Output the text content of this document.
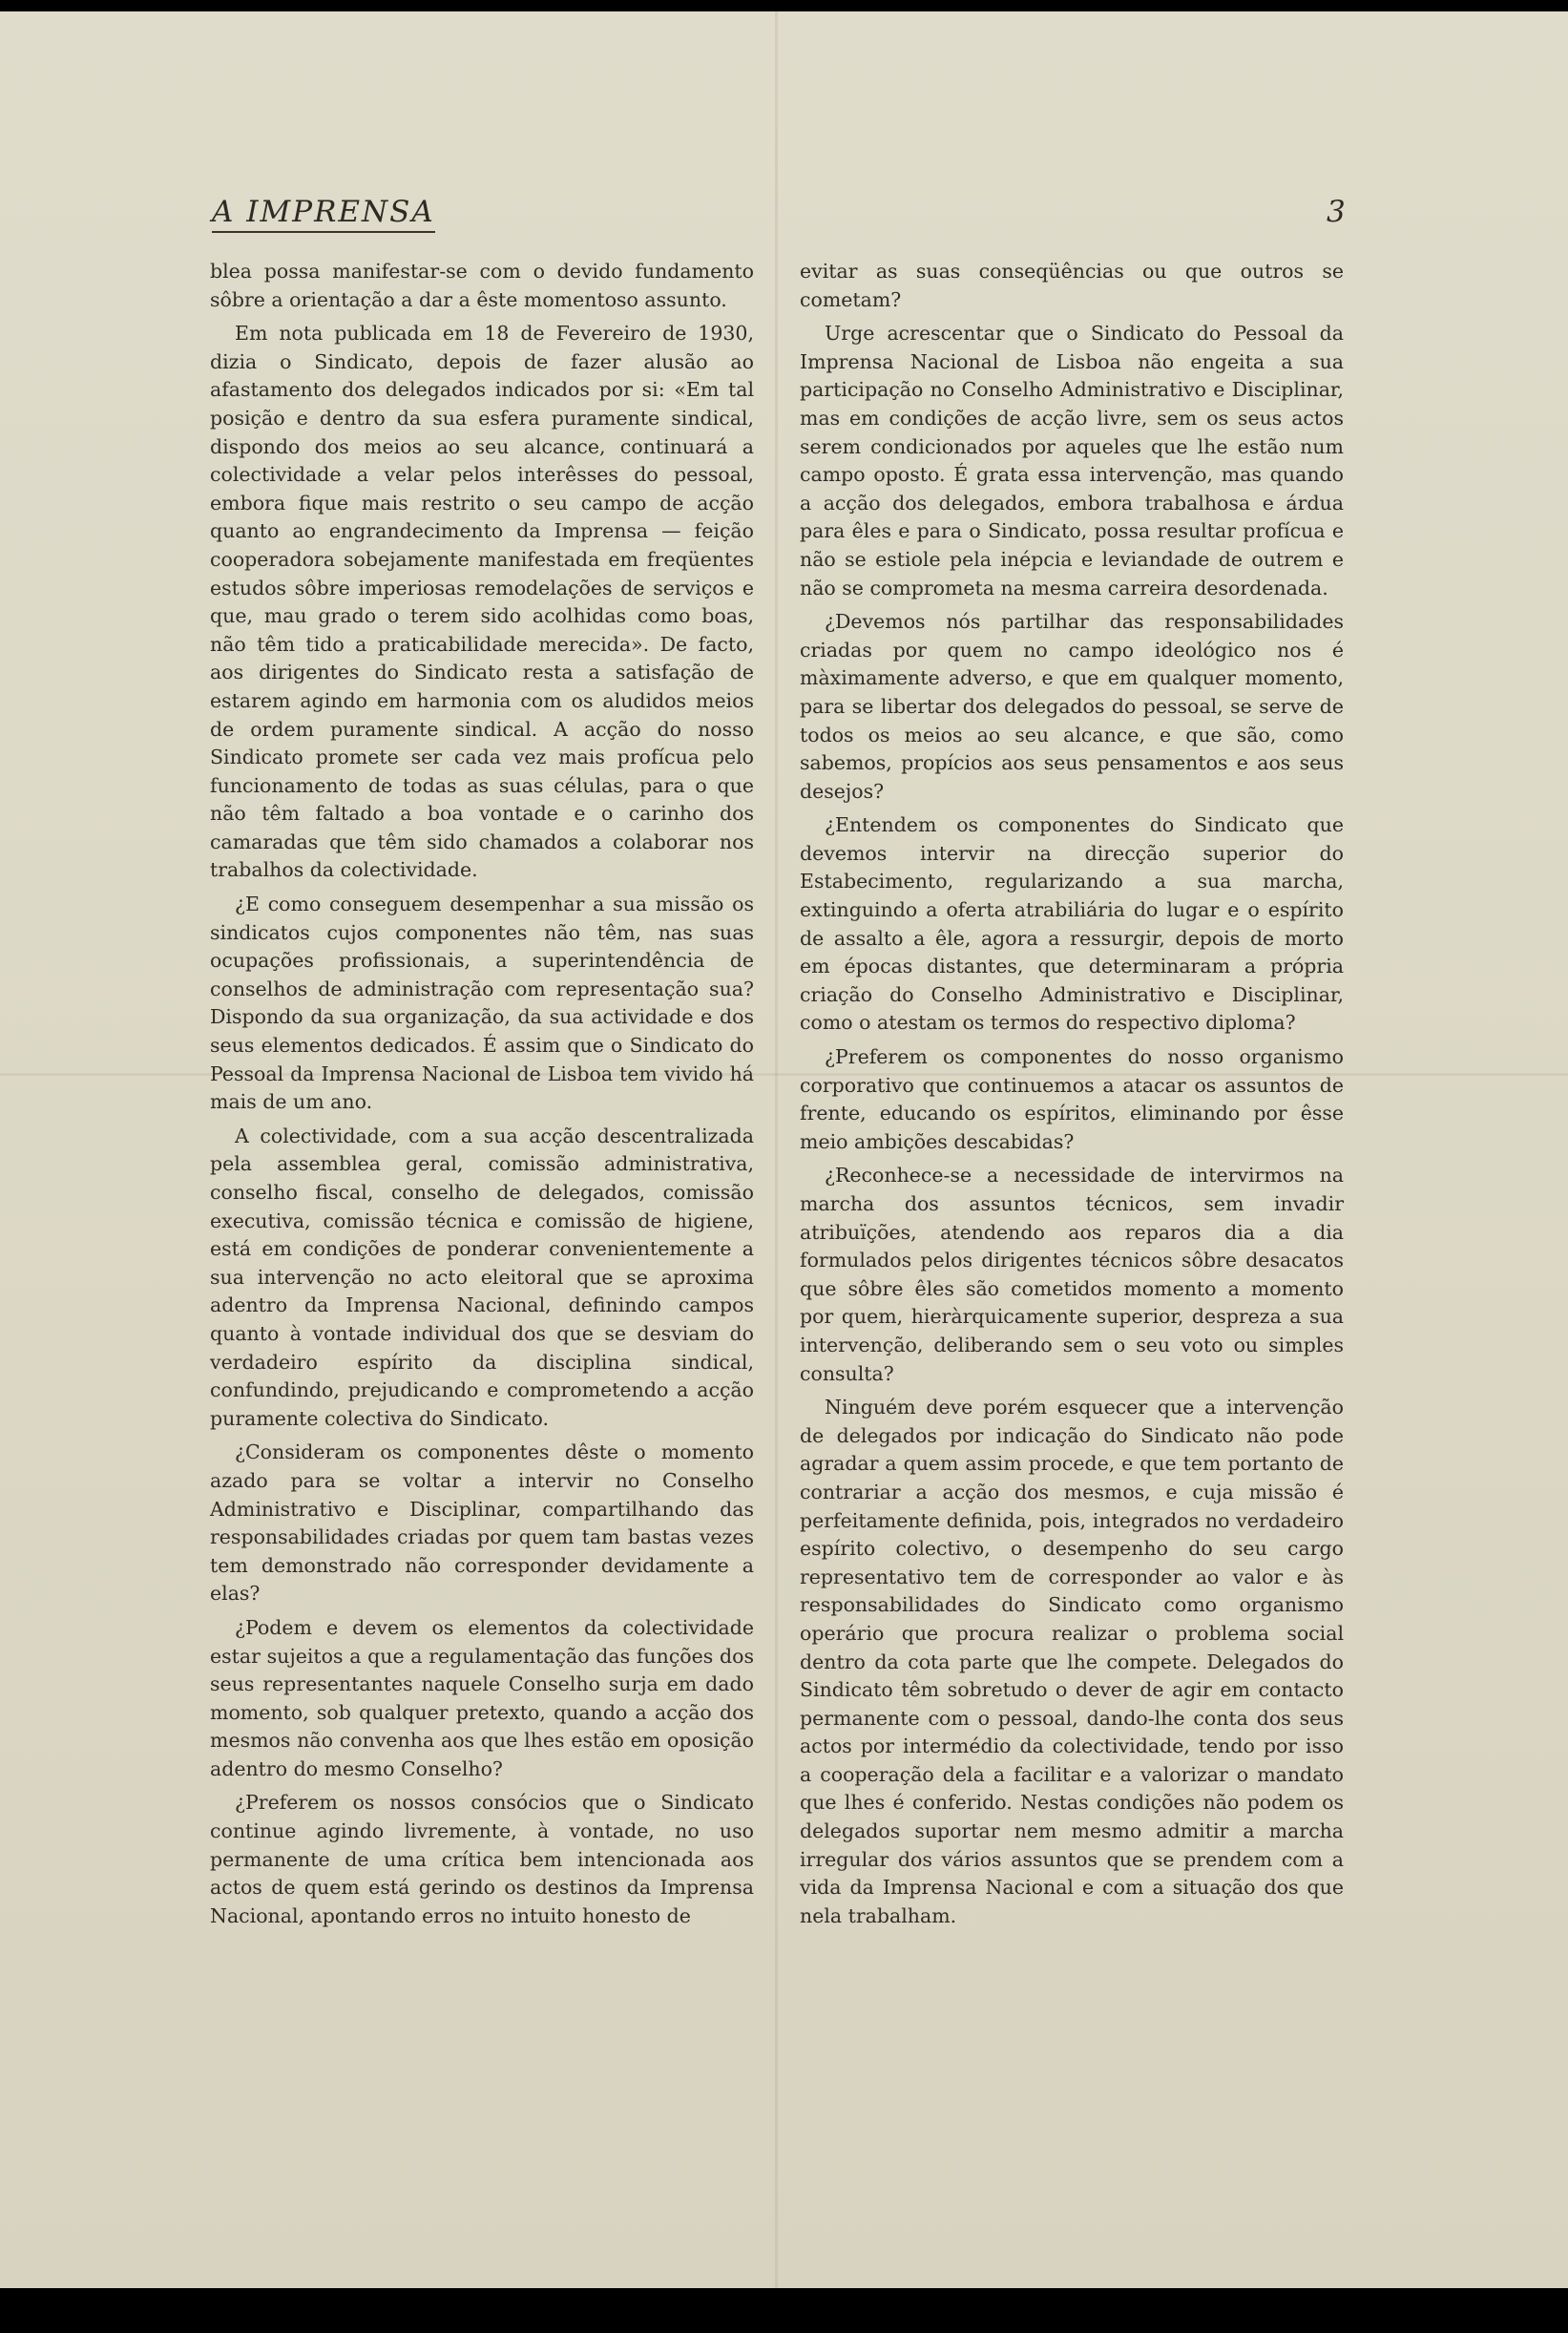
A IMPRENSA	3

blea possa manifestar-se com o devido fundamento sôbre a orientação a dar a êste momentoso assunto.

Em nota publicada em 18 de Fevereiro de 1930, dizia o Sindicato, depois de fazer alusão ao afastamento dos delegados indicados por si: «Em tal posição e dentro da sua esfera puramente sindical, dispondo dos meios ao seu alcance, continuará a colectividade a velar pelos interêsses do pessoal, embora fique mais restrito o seu campo de acção quanto ao engrandecimento da Imprensa — feição cooperadora sobejamente manifestada em freqüentes estudos sôbre imperiosas remodelações de serviços e que, mau grado o terem sido acolhidas como boas, não têm tido a praticabilidade merecida». De facto, aos dirigentes do Sindicato resta a satisfação de estarem agindo em harmonia com os aludidos meios de ordem puramente sindical. A acção do nosso Sindicato promete ser cada vez mais profícua pelo funcionamento de todas as suas células, para o que não têm faltado a boa vontade e o carinho dos camaradas que têm sido chamados a colaborar nos trabalhos da colectividade.

¿E como conseguem desempenhar a sua missão os sindicatos cujos componentes não têm, nas suas ocupações profissionais, a superintendência de conselhos de administração com representação sua? Dispondo da sua organização, da sua actividade e dos seus elementos dedicados. É assim que o Sindicato do Pessoal da Imprensa Nacional de Lisboa tem vivido há mais de um ano.

A colectividade, com a sua acção descentralizada pela assemblea geral, comissão administrativa, conselho fiscal, conselho de delegados, comissão executiva, comissão técnica e comissão de higiene, está em condições de ponderar convenientemente a sua intervenção no acto eleitoral que se aproxima adentro da Imprensa Nacional, definindo campos quanto à vontade individual dos que se desviam do verdadeiro espírito da disciplina sindical, confundindo, prejudicando e comprometendo a acção puramente colectiva do Sindicato.

¿Consideram os componentes dêste o momento azado para se voltar a intervir no Conselho Administrativo e Disciplinar, compartilhando das responsabilidades criadas por quem tam bastas vezes tem demonstrado não corresponder devidamente a elas?

¿Podem e devem os elementos da colectividade estar sujeitos a que a regulamentação das funções dos seus representantes naquele Conselho surja em dado momento, sob qualquer pretexto, quando a acção dos mesmos não convenha aos que lhes estão em oposição adentro do mesmo Conselho?

¿Preferem os nossos consócios que o Sindicato continue agindo livremente, à vontade, no uso permanente de uma crítica bem intencionada aos actos de quem está gerindo os destinos da Imprensa Nacional, apontando erros no intuito honesto de

evitar as suas conseqüências ou que outros se cometam?

Urge acrescentar que o Sindicato do Pessoal da Imprensa Nacional de Lisboa não engeita a sua participação no Conselho Administrativo e Disciplinar, mas em condições de acção livre, sem os seus actos serem condicionados por aqueles que lhe estão num campo oposto. É grata essa intervenção, mas quando a acção dos delegados, embora trabalhosa e árdua para êles e para o Sindicato, possa resultar profícua e não se estiole pela inépcia e leviandade de outrem e não se comprometa na mesma carreira desordenada.

¿Devemos nós partilhar das responsabilidades criadas por quem no campo ideológico nos é màximamente adverso, e que em qualquer momento, para se libertar dos delegados do pessoal, se serve de todos os meios ao seu alcance, e que são, como sabemos, propícios aos seus pensamentos e aos seus desejos?

¿Entendem os componentes do Sindicato que devemos intervir na direcção superior do Estabecimento, regularizando a sua marcha, extinguindo a oferta atrabiliária do lugar e o espírito de assalto a êle, agora a ressurgir, depois de morto em épocas distantes, que determinaram a própria criação do Conselho Administrativo e Disciplinar, como o atestam os termos do respectivo diploma?

¿Preferem os componentes do nosso organismo corporativo que continuemos a atacar os assuntos de frente, educando os espíritos, eliminando por êsse meio ambições descabidas?

¿Reconhece-se a necessidade de intervirmos na marcha dos assuntos técnicos, sem invadir atribuïções, atendendo aos reparos dia a dia formulados pelos dirigentes técnicos sôbre desacatos que sôbre êles são cometidos momento a momento por quem, hieràrquicamente superior, despreza a sua intervenção, deliberando sem o seu voto ou simples consulta?

Ninguém deve porém esquecer que a intervenção de delegados por indicação do Sindicato não pode agradar a quem assim procede, e que tem portanto de contrariar a acção dos mesmos, e cuja missão é perfeitamente definida, pois, integrados no verdadeiro espírito colectivo, o desempenho do seu cargo representativo tem de corresponder ao valor e às responsabilidades do Sindicato como organismo operário que procura realizar o problema social dentro da cota parte que lhe compete. Delegados do Sindicato têm sobretudo o dever de agir em contacto permanente com o pessoal, dando-lhe conta dos seus actos por intermédio da colectividade, tendo por isso a cooperação dela a facilitar e a valorizar o mandato que lhes é conferido. Nestas condições não podem os delegados suportar nem mesmo admitir a marcha irregular dos vários assuntos que se prendem com a vida da Imprensa Nacional e com a situação dos que nela trabalham.
